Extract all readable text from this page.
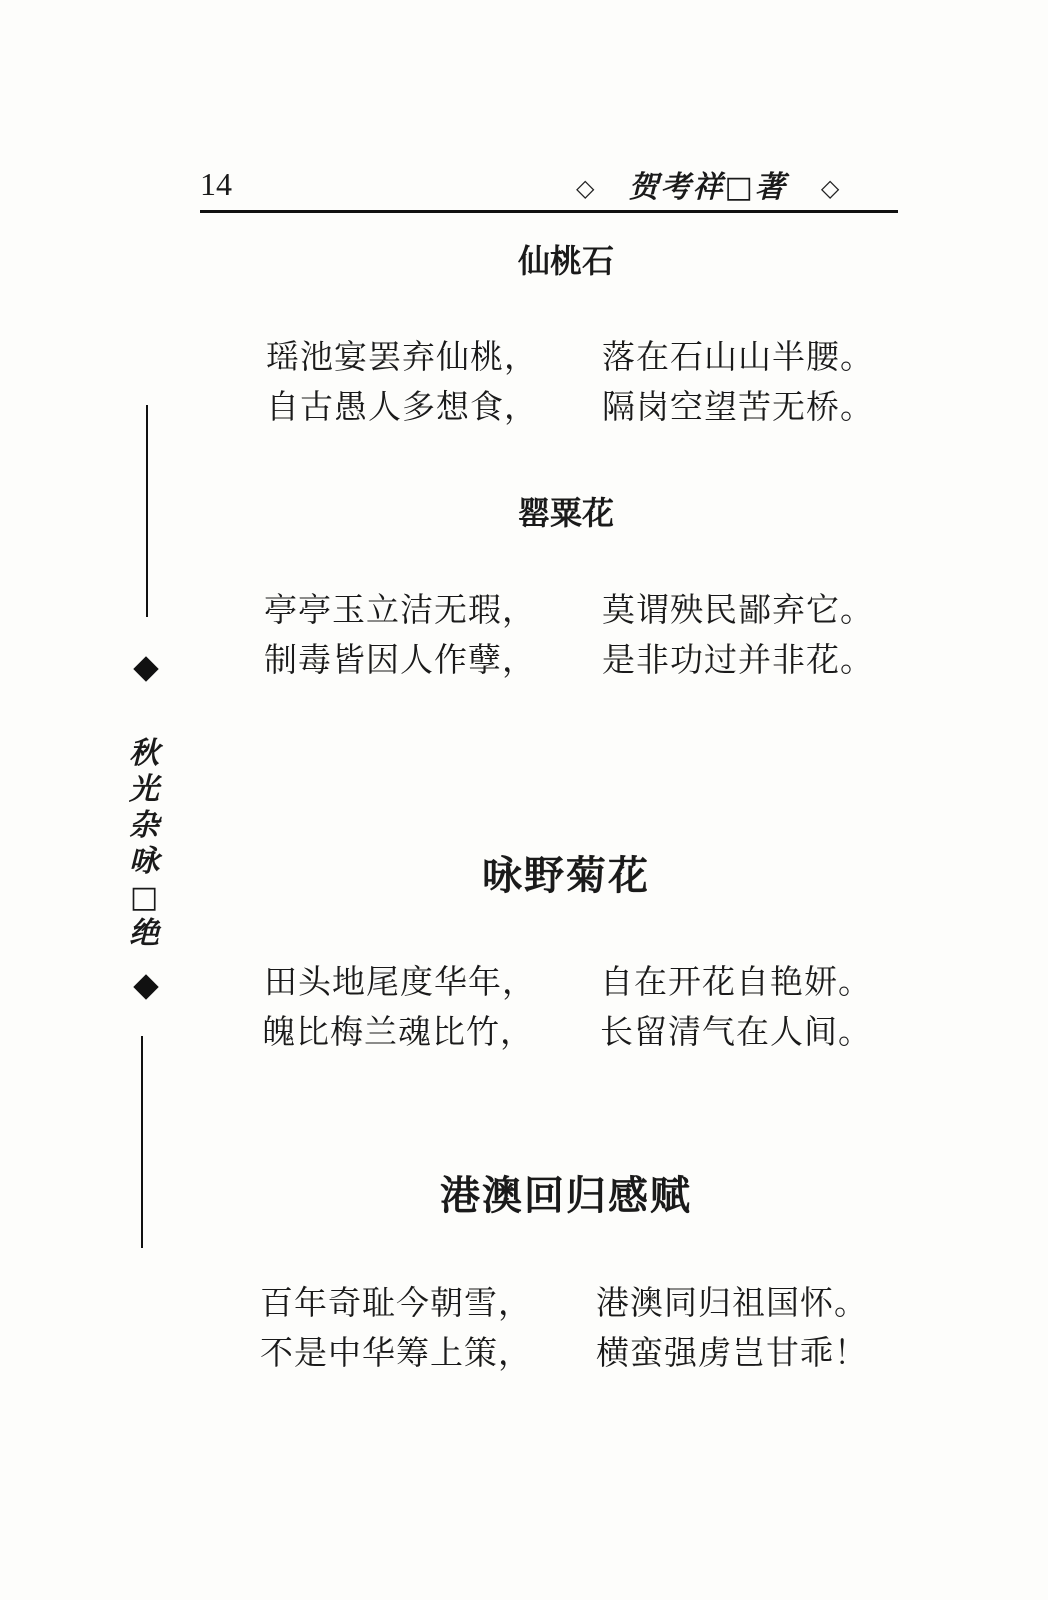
14	◇ 贺考祥□著 ◇
秋
光
杂
咏
□
绝
仙桃石
瑶池宴罢弃仙桃， 落在石山山半腰。
自古愚人多想食， 隔岗空望苦无桥。
罂粟花
亭亭玉立洁无瑕， 莫谓殃民鄙弃它。
制毒皆因人作孽， 是非功过并非花。
咏野菊花
田头地尾度华年， 自在开花自艳妍。
魄比梅兰魂比竹， 长留清气在人间。
港澳回归感赋
百年奇耻今朝雪， 港澳同归祖国怀。
不是中华筹上策， 横蛮强虏岂甘乖！
